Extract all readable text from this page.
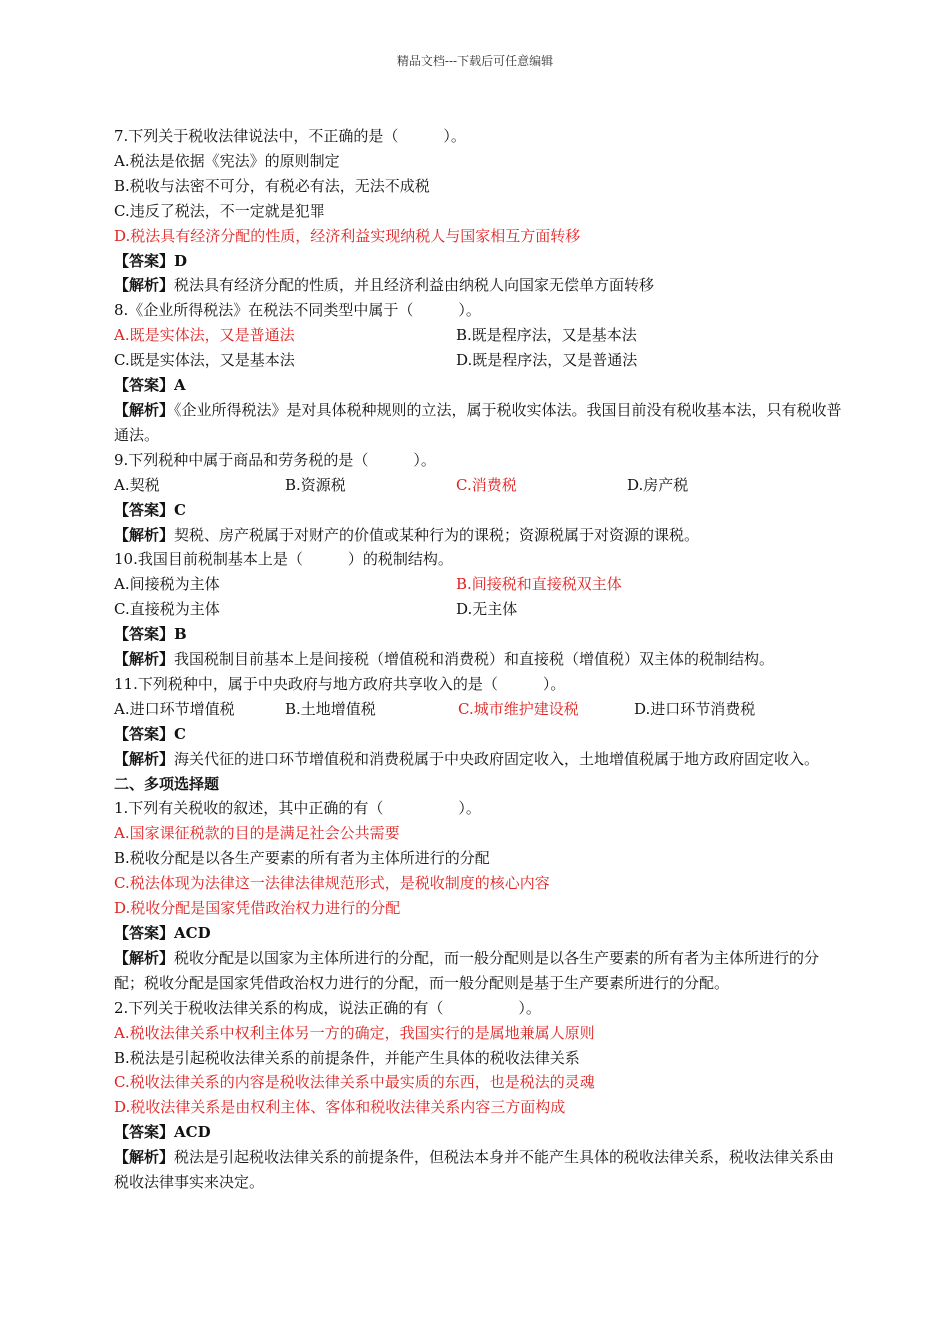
精品文档---下载后可任意编辑
7.下列关于税收法律说法中，不正确的是（　　　）。
A.税法是依据《宪法》的原则制定
B.税收与法密不可分，有税必有法，无法不成税
C.违反了税法，不一定就是犯罪
D.税法具有经济分配的性质，经济利益实现纳税人与国家相互方面转移
【答案】D
【解析】税法具有经济分配的性质，并且经济利益由纳税人向国家无偿单方面转移
8.《企业所得税法》在税法不同类型中属于（　　　）。
A.既是实体法，又是普通法	B.既是程序法，又是基本法
C.既是实体法，又是基本法	D.既是程序法，又是普通法
【答案】A
【解析】《企业所得税法》是对具体税种规则的立法，属于税收实体法。我国目前没有税收基本法，只有税收普通法。
9.下列税种中属于商品和劳务税的是（　　　）。
A.契税	B.资源税	C.消费税	D.房产税
【答案】C
【解析】契税、房产税属于对财产的价值或某种行为的课税；资源税属于对资源的课税。
10.我国目前税制基本上是（　　　）的税制结构。
A.间接税为主体	B.间接税和直接税双主体
C.直接税为主体	D.无主体
【答案】B
【解析】我国税制目前基本上是间接税（增值税和消费税）和直接税（增值税）双主体的税制结构。
11.下列税种中，属于中央政府与地方政府共享收入的是（　　　）。
A.进口环节增值税	B.土地增值税	C.城市维护建设税	D.进口环节消费税
【答案】C
【解析】海关代征的进口环节增值税和消费税属于中央政府固定收入，土地增值税属于地方政府固定收入。
二、多项选择题
1.下列有关税收的叙述，其中正确的有（　　　　　）。
A.国家课征税款的目的是满足社会公共需要
B.税收分配是以各生产要素的所有者为主体所进行的分配
C.税法体现为法律这一法律法律规范形式，是税收制度的核心内容
D.税收分配是国家凭借政治权力进行的分配
【答案】ACD
【解析】税收分配是以国家为主体所进行的分配，而一般分配则是以各生产要素的所有者为主体所进行的分配；税收分配是国家凭借政治权力进行的分配，而一般分配则是基于生产要素所进行的分配。
2.下列关于税收法律关系的构成，说法正确的有（　　　　　）。
A.税收法律关系中权利主体另一方的确定，我国实行的是属地兼属人原则
B.税法是引起税收法律关系的前提条件，并能产生具体的税收法律关系
C.税收法律关系的内容是税收法律关系中最实质的东西，也是税法的灵魂
D.税收法律关系是由权利主体、客体和税收法律关系内容三方面构成
【答案】ACD
【解析】税法是引起税收法律关系的前提条件，但税法本身并不能产生具体的税收法律关系，税收法律关系由税收法律事实来决定。
